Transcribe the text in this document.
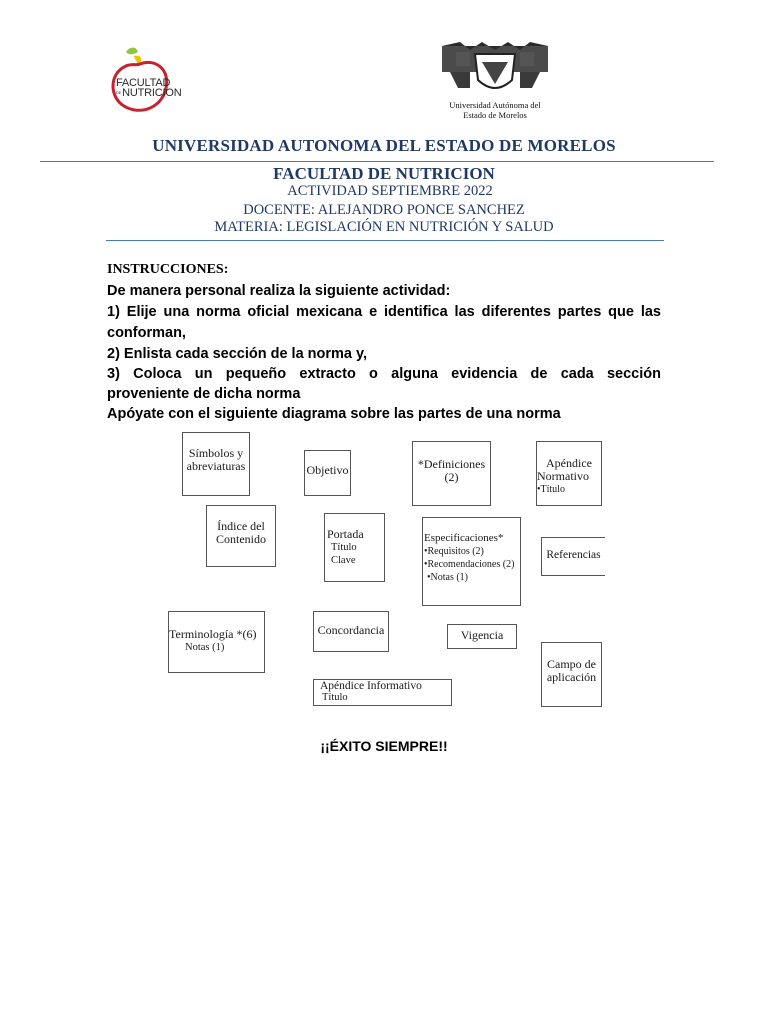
FACULTAD
DE NUTRICION
Universidad Autónoma del
Estado de Morelos
UNIVERSIDAD AUTONOMA DEL ESTADO DE MORELOS
FACULTAD DE NUTRICION
ACTIVIDAD SEPTIEMBRE 2022
DOCENTE: ALEJANDRO PONCE SANCHEZ
MATERIA: LEGISLACIÓN EN NUTRICIÓN Y SALUD
INSTRUCCIONES:
De manera personal realiza la siguiente actividad:
1) Elije una norma oficial mexicana e identifica las diferentes partes que las
conforman,
2) Enlista cada sección de la norma y,
3) Coloca un pequeño extracto o alguna evidencia de cada sección
proveniente de dicha norma
Apóyate con el siguiente diagrama sobre las partes de una norma
Símbolos y
abreviaturas	Objetivo	*Definiciones
(2)
Apéndice
Normativo
•Título
Índice del
Contenido	Portada
Título
Clave
Especificaciones*
•Requisitos (2)
•Recomendaciones (2)
•Notas (1)
Referencias
Terminología *(6)
Notas (1)
Concordancia	Vigencia
Campo de
aplicación
Apéndice Informativo
Título
¡¡ÉXITO SIEMPRE!!
